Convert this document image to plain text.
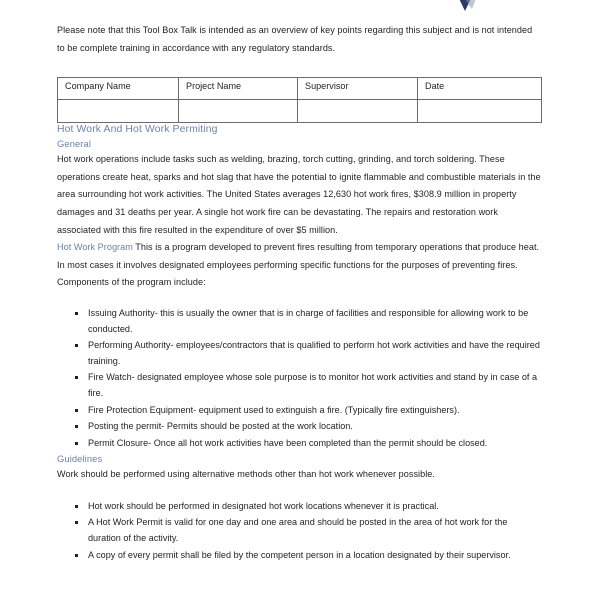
Please note that this Tool Box Talk is intended as an overview of key points regarding this subject and is not intended to be complete training in accordance with any regulatory standards.

Company Name	Project Name	Supervisor	Date

Hot Work And Hot Work Permiting
General

Hot work operations include tasks such as welding, brazing, torch cutting, grinding, and torch soldering. These operations create heat, sparks and hot slag that have the potential to ignite flammable and combustible materials in the area surrounding hot work activities. The United States averages 12,630 hot work fires, $308.9 million in property damages and 31 deaths per year. A single hot work fire can be devastating. The repairs and restoration work associated with this fire resulted in the expenditure of over $5 million.

Hot Work Program This is a program developed to prevent fires resulting from temporary operations that produce heat. In most cases it involves designated employees performing specific functions for the purposes of preventing fires. Components of the program include:

Issuing Authority- this is usually the owner that is in charge of facilities and responsible for allowing work to be conducted.
Performing Authority- employees/contractors that is qualified to perform hot work activities and have the required training.
Fire Watch- designated employee whose sole purpose is to monitor hot work activities and stand by in case of a fire.
Fire Protection Equipment- equipment used to extinguish a fire. (Typically fire extinguishers).
Posting the permit- Permits should be posted at the work location.
Permit Closure- Once all hot work activities have been completed than the permit should be closed.
Guidelines

Work should be performed using alternative methods other than hot work whenever possible.

Hot work should be performed in designated hot work locations whenever it is practical.
A Hot Work Permit is valid for one day and one area and should be posted in the area of hot work for the duration of the activity.
A copy of every permit shall be filed by the competent person in a location designated by their supervisor.
